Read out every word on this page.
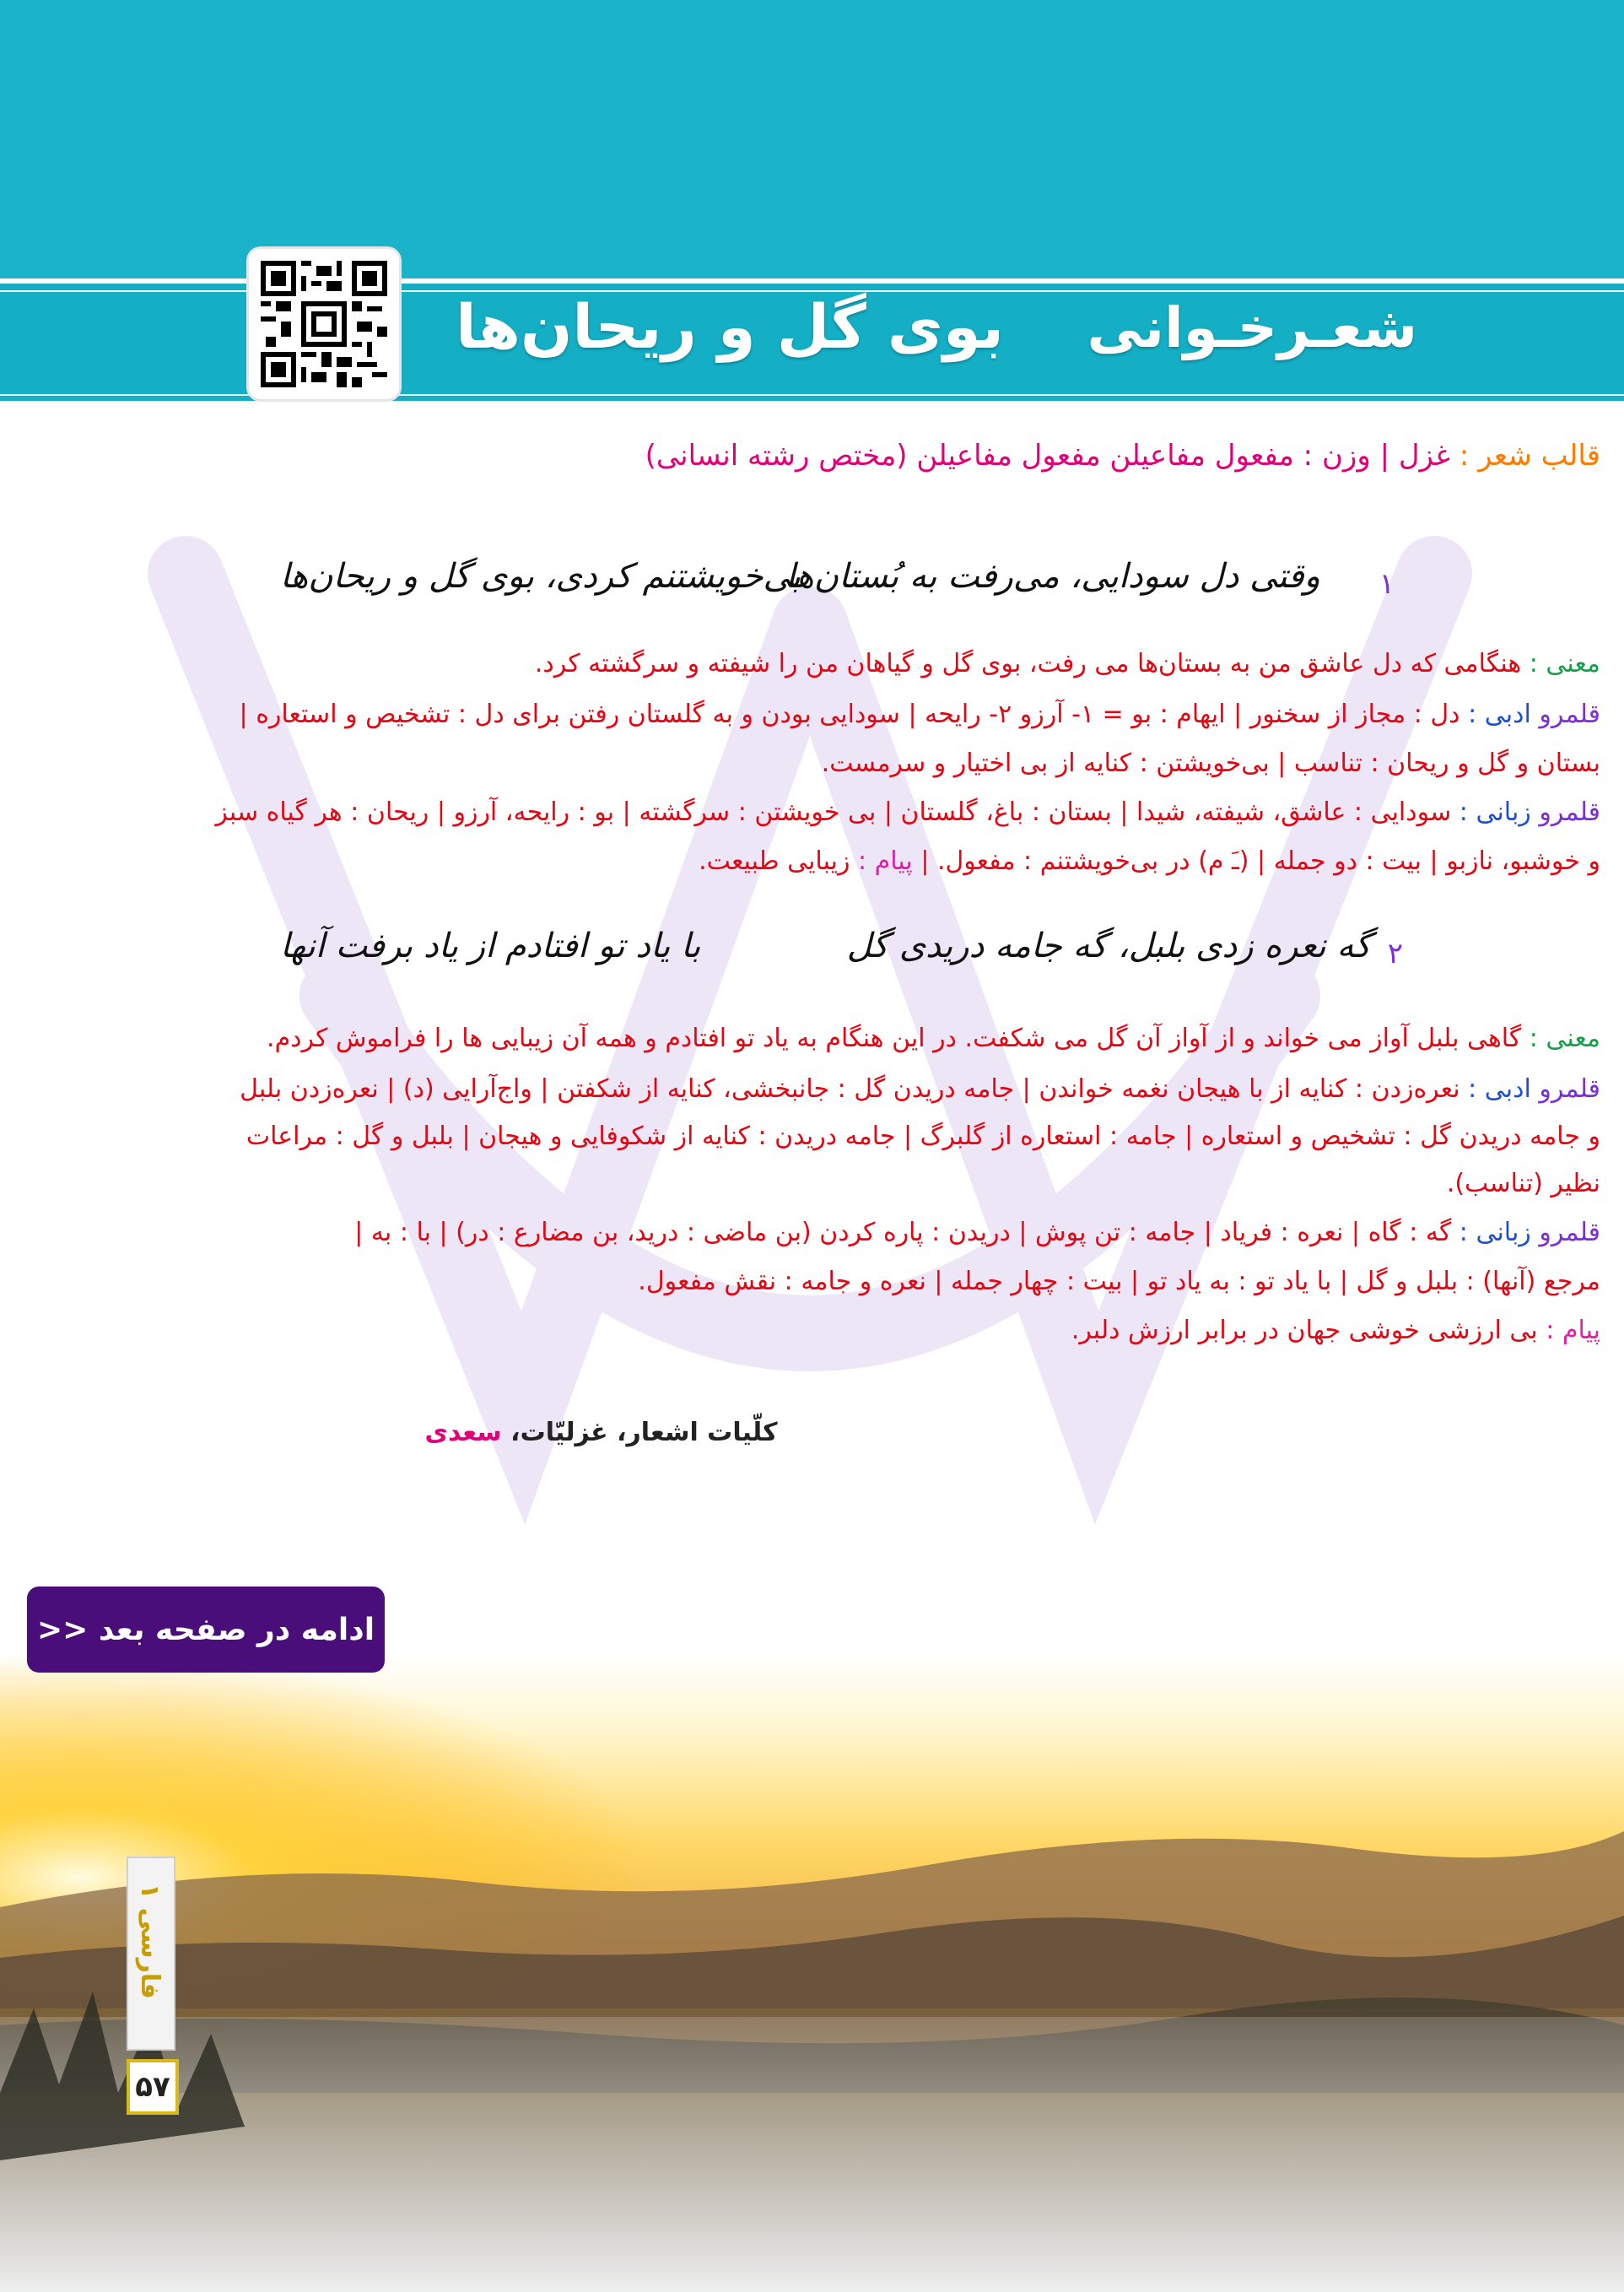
بوی گل و ریحان‌ها شعـرخـوانی
قالب شعر : غزل | وزن : مفعول مفاعیلن مفعول مفاعیلن (مختص رشته انسانی)
۱
وقتی دل سودایی، می‌رفت به بُستان‌ها
بی‌خویشتنم کردی، بوی گل و ریحان‌ها
معنی : هنگامی که دل عاشق من به بستان‌ها می رفت، بوی گل و گیاهان من را شیفته و سرگشته کرد.
قلمرو ادبی : دل : مجاز از سخنور | ایهام : بو = ۱- آرزو ۲- رایحه | سودایی بودن و به گلستان رفتن برای دل : تشخیص و استعاره |
بستان و گل و ریحان : تناسب | بی‌خویشتن : کنایه از بی اختیار و سرمست.
قلمرو زبانی : سودایی : عاشق، شیفته، شیدا | بستان : باغ، گلستان | بی خویشتن : سرگشته | بو : رایحه، آرزو | ریحان : هر گیاه سبز
و خوشبو، نازبو | بیت : دو جمله | (ـَ م) در بی‌خویشتنم : مفعول. | پیام : زیبایی طبیعت.
۲
گه نعره زدی بلبل، گه جامه دریدی گل
با یاد تو افتادم از یاد برفت آنها
معنی : گاهی بلبل آواز می خواند و از آواز آن گل می شکفت. در این هنگام به یاد تو افتادم و همه آن زیبایی ها را فراموش کردم.
قلمرو ادبی : نعره‌زدن : کنایه از با هیجان نغمه خواندن | جامه دریدن گل : جانبخشی، کنایه از شکفتن | واج‌آرایی (د) | نعره‌زدن بلبل
و جامه دریدن گل : تشخیص و استعاره | جامه : استعاره از گلبرگ | جامه دریدن : کنایه از شکوفایی و هیجان | بلبل و گل : مراعات
نظیر (تناسب).
قلمرو زبانی : گه : گاه | نعره : فریاد | جامه : تن پوش | دریدن : پاره کردن (بن ماضی : درید، بن مضارع : در) | با : به |
مرجع (آنها) : بلبل و گل | با یاد تو : به یاد تو | بیت : چهار جمله | نعره و جامه : نقش مفعول.
پیام : بی ارزشی خوشی جهان در برابر ارزش دلبر.
کلّیات اشعار، غزلیّات، سعدی
ادامه در صفحه بعد <<
فارسی ۱
۵۷
